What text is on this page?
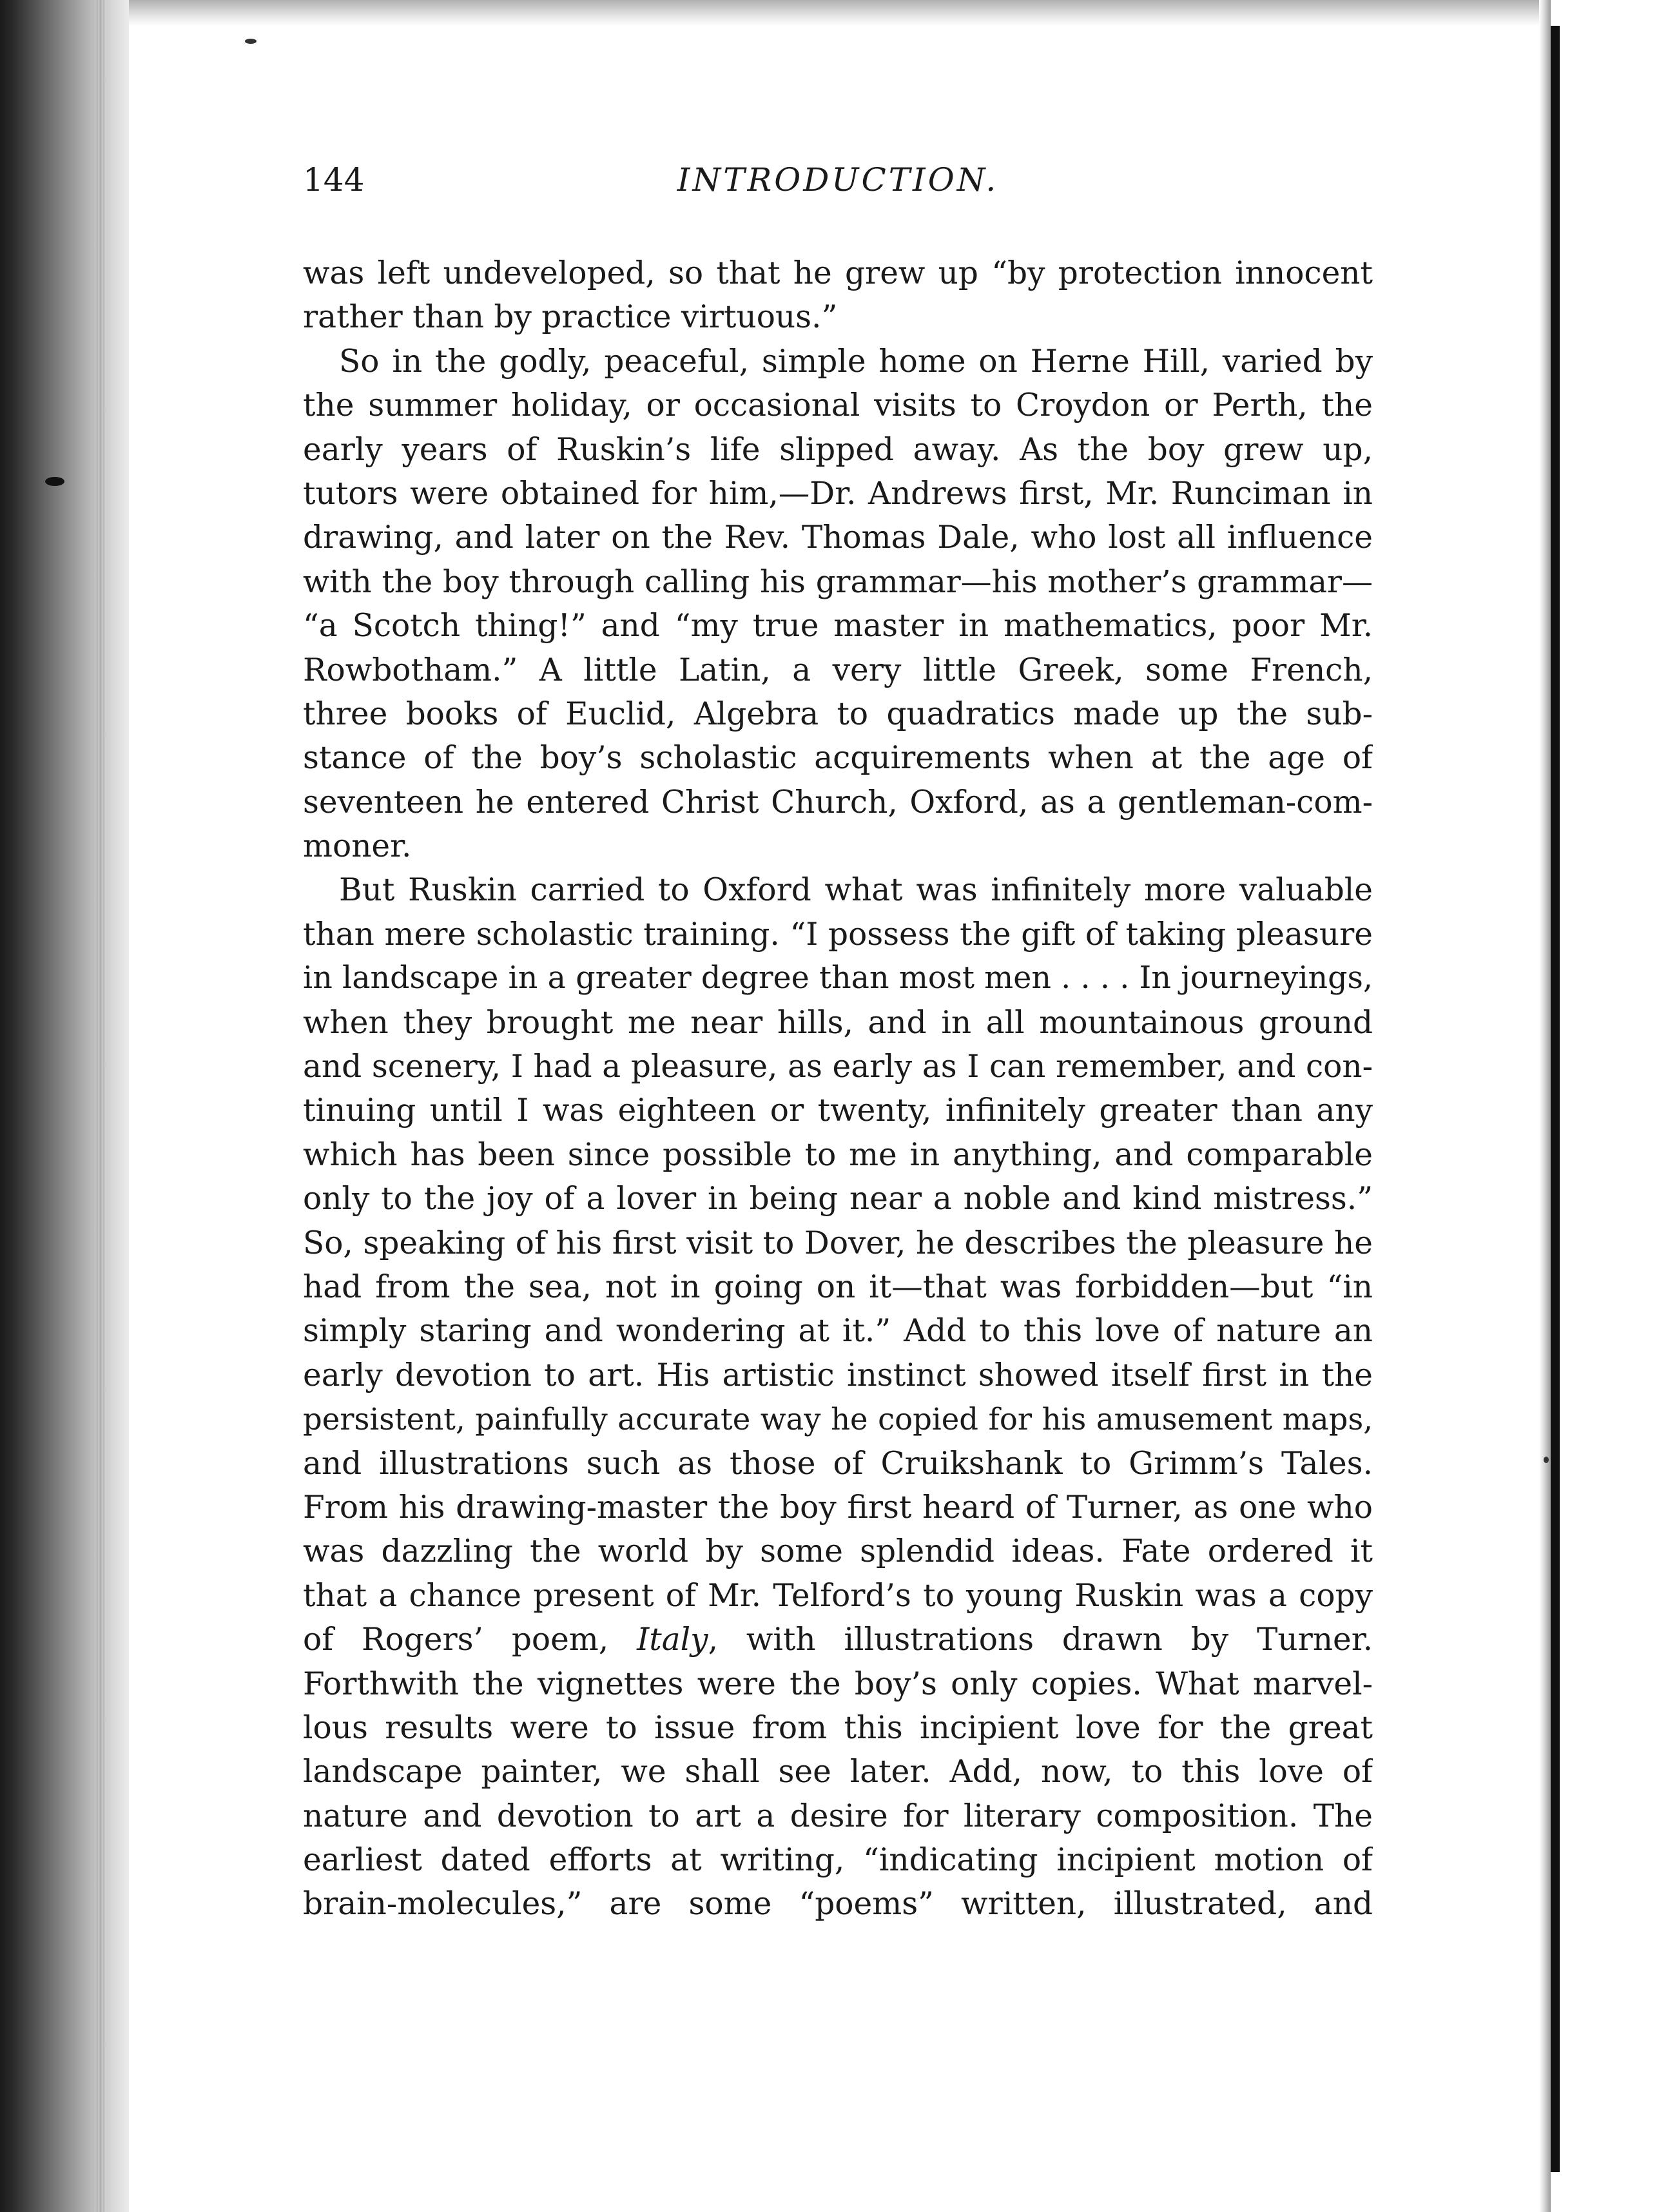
144	INTRODUCTION.
was left undeveloped, so that he grew up “by protection innocent
rather than by practice virtuous.”
So in the godly, peaceful, simple home on Herne Hill, varied by
the summer holiday, or occasional visits to Croydon or Perth, the
early years of Ruskin’s life slipped away. As the boy grew up,
tutors were obtained for him,—Dr. Andrews first, Mr. Runciman in
drawing, and later on the Rev. Thomas Dale, who lost all influence
with the boy through calling his grammar—his mother’s grammar—
“a Scotch thing!” and “my true master in mathematics, poor Mr.
Rowbotham.” A little Latin, a very little Greek, some French,
three books of Euclid, Algebra to quadratics made up the sub-
stance of the boy’s scholastic acquirements when at the age of
seventeen he entered Christ Church, Oxford, as a gentleman-com-
moner.
But Ruskin carried to Oxford what was infinitely more valuable
than mere scholastic training. “I possess the gift of taking pleasure
in landscape in a greater degree than most men . . . . In journeyings,
when they brought me near hills, and in all mountainous ground
and scenery, I had a pleasure, as early as I can remember, and con-
tinuing until I was eighteen or twenty, infinitely greater than any
which has been since possible to me in anything, and comparable
only to the joy of a lover in being near a noble and kind mistress.”
So, speaking of his first visit to Dover, he describes the pleasure he
had from the sea, not in going on it—that was forbidden—but “in
simply staring and wondering at it.” Add to this love of nature an
early devotion to art. His artistic instinct showed itself first in the
persistent, painfully accurate way he copied for his amusement maps,
and illustrations such as those of Cruikshank to Grimm’s Tales.
From his drawing-master the boy first heard of Turner, as one who
was dazzling the world by some splendid ideas. Fate ordered it
that a chance present of Mr. Telford’s to young Ruskin was a copy
of Rogers’ poem, Italy, with illustrations drawn by Turner.
Forthwith the vignettes were the boy’s only copies. What marvel-
lous results were to issue from this incipient love for the great
landscape painter, we shall see later. Add, now, to this love of
nature and devotion to art a desire for literary composition. The
earliest dated efforts at writing, “indicating incipient motion of
brain-molecules,” are some “poems” written, illustrated, and
